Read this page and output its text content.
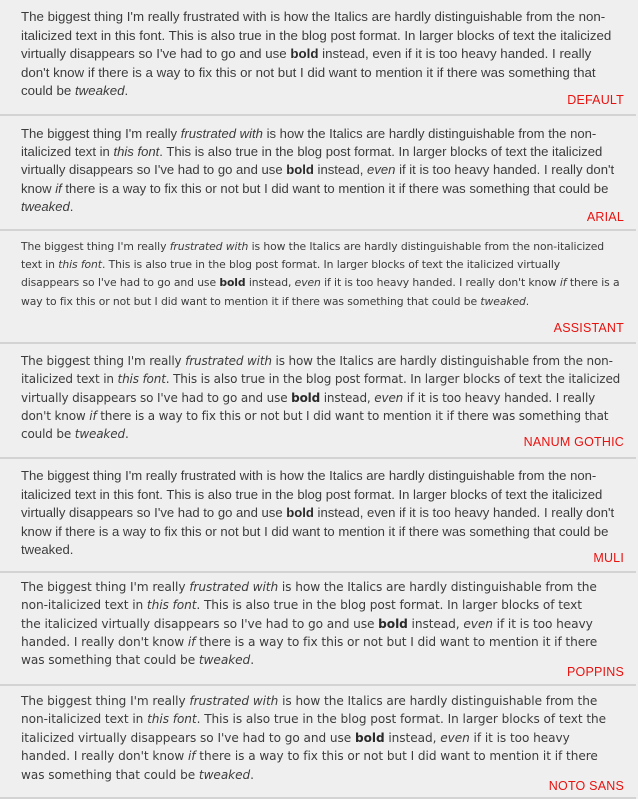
The biggest thing I'm really frustrated with is how the Italics are hardly distinguishable from the non-italicized text in this font. This is also true in the blog post format. In larger blocks of text the italicized virtually disappears so I've had to go and use bold instead, even if it is too heavy handed. I really don't know if there is a way to fix this or not but I did want to mention it if there was something that could be tweaked.

DEFAULT

The biggest thing I'm really frustrated with is how the Italics are hardly distinguishable from the non-italicized text in this font. This is also true in the blog post format. In larger blocks of text the italicized virtually disappears so I've had to go and use bold instead, even if it is too heavy handed. I really don't know if there is a way to fix this or not but I did want to mention it if there was something that could be tweaked.

ARIAL

The biggest thing I'm really frustrated with is how the Italics are hardly distinguishable from the non-italicized text in this font. This is also true in the blog post format. In larger blocks of text the italicized virtually disappears so I've had to go and use bold instead, even if it is too heavy handed. I really don't know if there is a way to fix this or not but I did want to mention it if there was something that could be tweaked.

ASSISTANT

The biggest thing I'm really frustrated with is how the Italics are hardly distinguishable from the non-italicized text in this font. This is also true in the blog post format. In larger blocks of text the italicized virtually disappears so I've had to go and use bold instead, even if it is too heavy handed. I really don't know if there is a way to fix this or not but I did want to mention it if there was something that could be tweaked.

NANUM GOTHIC

The biggest thing I'm really frustrated with is how the Italics are hardly distinguishable from the non-italicized text in this font. This is also true in the blog post format. In larger blocks of text the italicized virtually disappears so I've had to go and use bold instead, even if it is too heavy handed. I really don't know if there is a way to fix this or not but I did want to mention it if there was something that could be tweaked.

MULI

The biggest thing I'm really frustrated with is how the Italics are hardly distinguishable from the non-italicized text in this font. This is also true in the blog post format. In larger blocks of text the italicized virtually disappears so I've had to go and use bold instead, even if it is too heavy handed. I really don't know if there is a way to fix this or not but I did want to mention it if there was something that could be tweaked.

POPPINS

The biggest thing I'm really frustrated with is how the Italics are hardly distinguishable from the non-italicized text in this font. This is also true in the blog post format. In larger blocks of text the italicized virtually disappears so I've had to go and use bold instead, even if it is too heavy handed. I really don't know if there is a way to fix this or not but I did want to mention it if there was something that could be tweaked.

NOTO SANS
